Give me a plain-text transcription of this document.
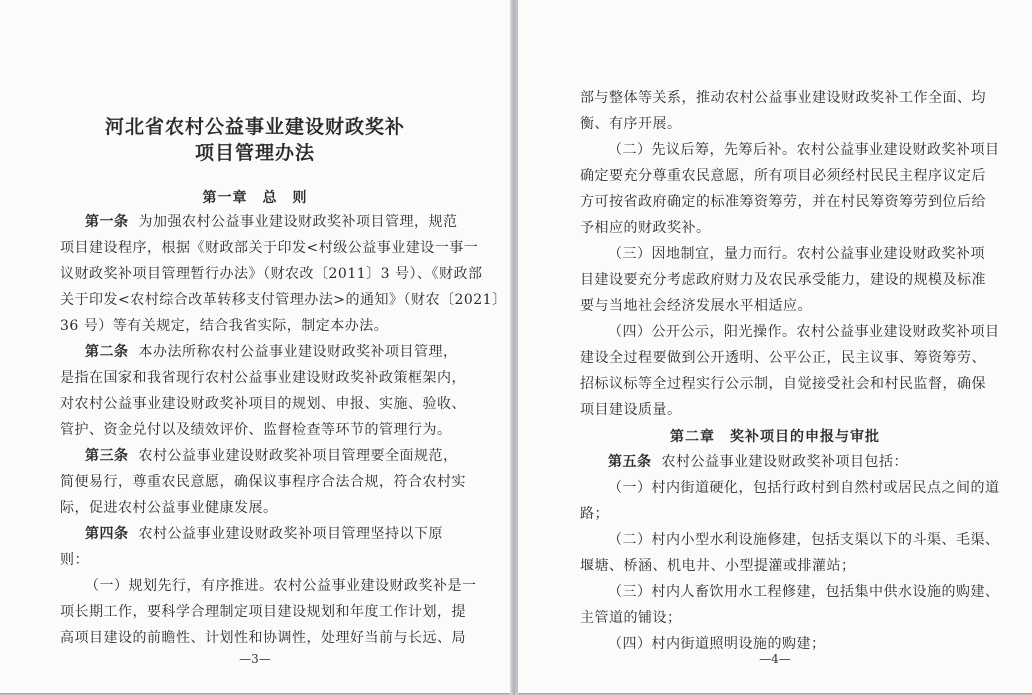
河北省农村公益事业建设财政奖补
项目管理办法
第一章　总　则
第一条 为加强农村公益事业建设财政奖补项目管理，规范
项目建设程序，根据《财政部关于印发<村级公益事业建设一事一
议财政奖补项目管理暂行办法》（财农改〔2011〕3 号）、《财政部
关于印发<农村综合改革转移支付管理办法>的通知》（财农〔2021〕
36 号）等有关规定，结合我省实际，制定本办法。
第二条 本办法所称农村公益事业建设财政奖补项目管理，
是指在国家和我省现行农村公益事业建设财政奖补政策框架内，
对农村公益事业建设财政奖补项目的规划、申报、实施、验收、
管护、资金兑付以及绩效评价、监督检查等环节的管理行为。
第三条 农村公益事业建设财政奖补项目管理要全面规范，
简便易行，尊重农民意愿，确保议事程序合法合规，符合农村实
际，促进农村公益事业健康发展。
第四条 农村公益事业建设财政奖补项目管理坚持以下原
则：
（一）规划先行，有序推进。农村公益事业建设财政奖补是一
项长期工作，要科学合理制定项目建设规划和年度工作计划，提
高项目建设的前瞻性、计划性和协调性，处理好当前与长远、局
—3—
部与整体等关系，推动农村公益事业建设财政奖补工作全面、均
衡、有序开展。
（二）先议后筹，先筹后补。农村公益事业建设财政奖补项目
确定要充分尊重农民意愿，所有项目必须经村民民主程序议定后
方可按省政府确定的标准筹资筹劳，并在村民筹资筹劳到位后给
予相应的财政奖补。
（三）因地制宜，量力而行。农村公益事业建设财政奖补项
目建设要充分考虑政府财力及农民承受能力，建设的规模及标准
要与当地社会经济发展水平相适应。
（四）公开公示，阳光操作。农村公益事业建设财政奖补项目
建设全过程要做到公开透明、公平公正，民主议事、筹资筹劳、
招标议标等全过程实行公示制，自觉接受社会和村民监督，确保
项目建设质量。
第二章　奖补项目的申报与审批
第五条 农村公益事业建设财政奖补项目包括：
（一）村内街道硬化，包括行政村到自然村或居民点之间的道
路；
（二）村内小型水利设施修建，包括支渠以下的斗渠、毛渠、
堰塘、桥涵、机电井、小型提灌或排灌站；
（三）村内人畜饮用水工程修建，包括集中供水设施的购建、
主管道的铺设；
（四）村内街道照明设施的购建；
—4—
